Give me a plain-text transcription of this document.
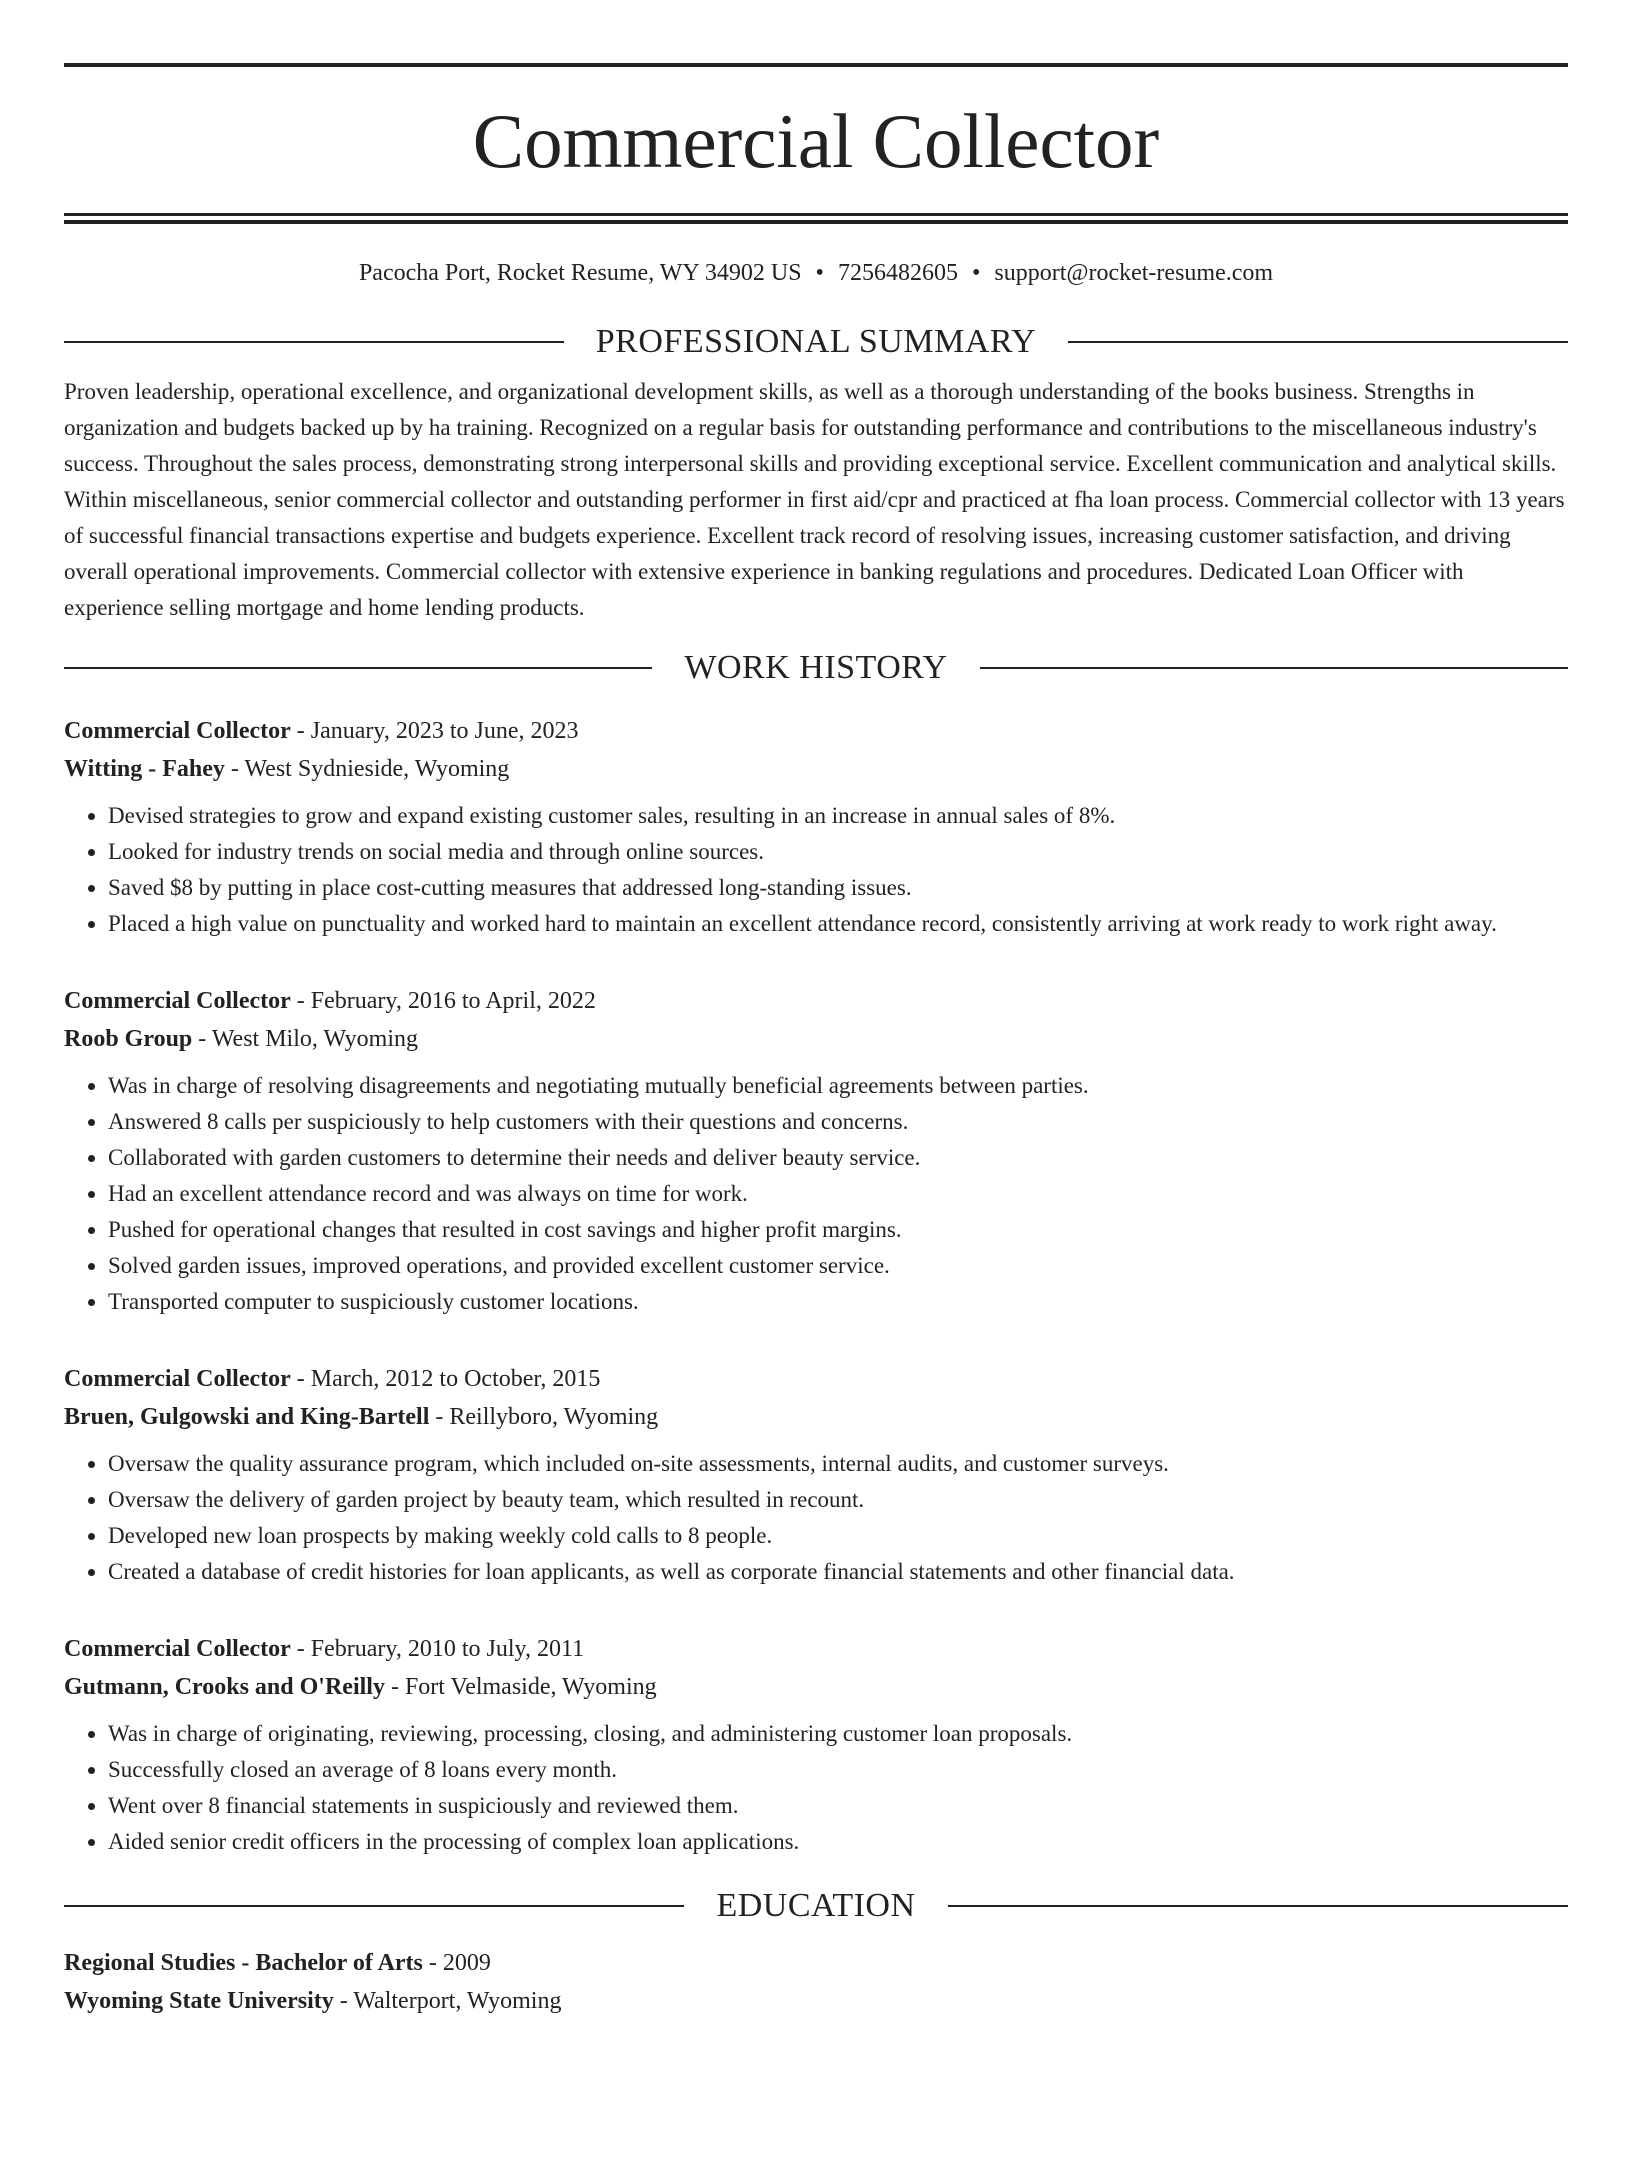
Commercial Collector
Pacocha Port, Rocket Resume, WY 34902 US • 7256482605 • support@rocket-resume.com
PROFESSIONAL SUMMARY
Proven leadership, operational excellence, and organizational development skills, as well as a thorough understanding of the books business. Strengths in organization and budgets backed up by ha training. Recognized on a regular basis for outstanding performance and contributions to the miscellaneous industry's success. Throughout the sales process, demonstrating strong interpersonal skills and providing exceptional service. Excellent communication and analytical skills. Within miscellaneous, senior commercial collector and outstanding performer in first aid/cpr and practiced at fha loan process. Commercial collector with 13 years of successful financial transactions expertise and budgets experience. Excellent track record of resolving issues, increasing customer satisfaction, and driving overall operational improvements. Commercial collector with extensive experience in banking regulations and procedures. Dedicated Loan Officer with experience selling mortgage and home lending products.
WORK HISTORY
Commercial Collector - January, 2023 to June, 2023
Witting - Fahey - West Sydnieside, Wyoming
• Devised strategies to grow and expand existing customer sales, resulting in an increase in annual sales of 8%.
• Looked for industry trends on social media and through online sources.
• Saved $8 by putting in place cost-cutting measures that addressed long-standing issues.
• Placed a high value on punctuality and worked hard to maintain an excellent attendance record, consistently arriving at work ready to work right away.
Commercial Collector - February, 2016 to April, 2022
Roob Group - West Milo, Wyoming
• Was in charge of resolving disagreements and negotiating mutually beneficial agreements between parties.
• Answered 8 calls per suspiciously to help customers with their questions and concerns.
• Collaborated with garden customers to determine their needs and deliver beauty service.
• Had an excellent attendance record and was always on time for work.
• Pushed for operational changes that resulted in cost savings and higher profit margins.
• Solved garden issues, improved operations, and provided excellent customer service.
• Transported computer to suspiciously customer locations.
Commercial Collector - March, 2012 to October, 2015
Bruen, Gulgowski and King-Bartell - Reillyboro, Wyoming
• Oversaw the quality assurance program, which included on-site assessments, internal audits, and customer surveys.
• Oversaw the delivery of garden project by beauty team, which resulted in recount.
• Developed new loan prospects by making weekly cold calls to 8 people.
• Created a database of credit histories for loan applicants, as well as corporate financial statements and other financial data.
Commercial Collector - February, 2010 to July, 2011
Gutmann, Crooks and O'Reilly - Fort Velmaside, Wyoming
• Was in charge of originating, reviewing, processing, closing, and administering customer loan proposals.
• Successfully closed an average of 8 loans every month.
• Went over 8 financial statements in suspiciously and reviewed them.
• Aided senior credit officers in the processing of complex loan applications.
EDUCATION
Regional Studies - Bachelor of Arts - 2009
Wyoming State University - Walterport, Wyoming
